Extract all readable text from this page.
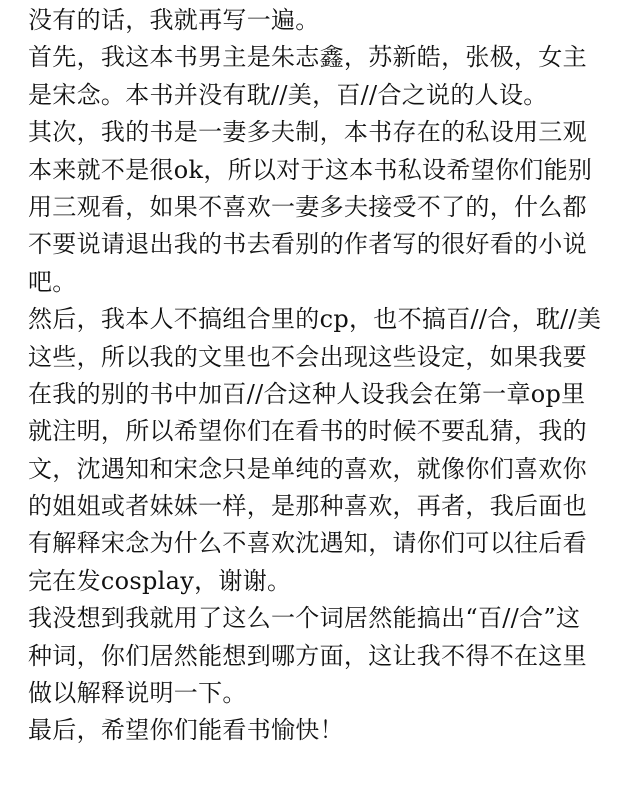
没有的话，我就再写一遍。
首先，我这本书男主是朱志鑫，苏新皓，张极，女主
是宋念。本书并没有耽//美，百//合之说的人设。
其次，我的书是一妻多夫制，本书存在的私设用三观
本来就不是很ok，所以对于这本书私设希望你们能别
用三观看，如果不喜欢一妻多夫接受不了的，什么都
不要说请退出我的书去看别的作者写的很好看的小说
吧。
然后，我本人不搞组合里的cp，也不搞百//合，耽//美
这些，所以我的文里也不会出现这些设定，如果我要
在我的别的书中加百//合这种人设我会在第一章op里
就注明，所以希望你们在看书的时候不要乱猜，我的
文，沈遇知和宋念只是单纯的喜欢，就像你们喜欢你
的姐姐或者妹妹一样，是那种喜欢，再者，我后面也
有解释宋念为什么不喜欢沈遇知，请你们可以往后看
完在发cosplay，谢谢。
我没想到我就用了这么一个词居然能搞出“百//合”这
种词，你们居然能想到哪方面，这让我不得不在这里
做以解释说明一下。
最后，希望你们能看书愉快！
